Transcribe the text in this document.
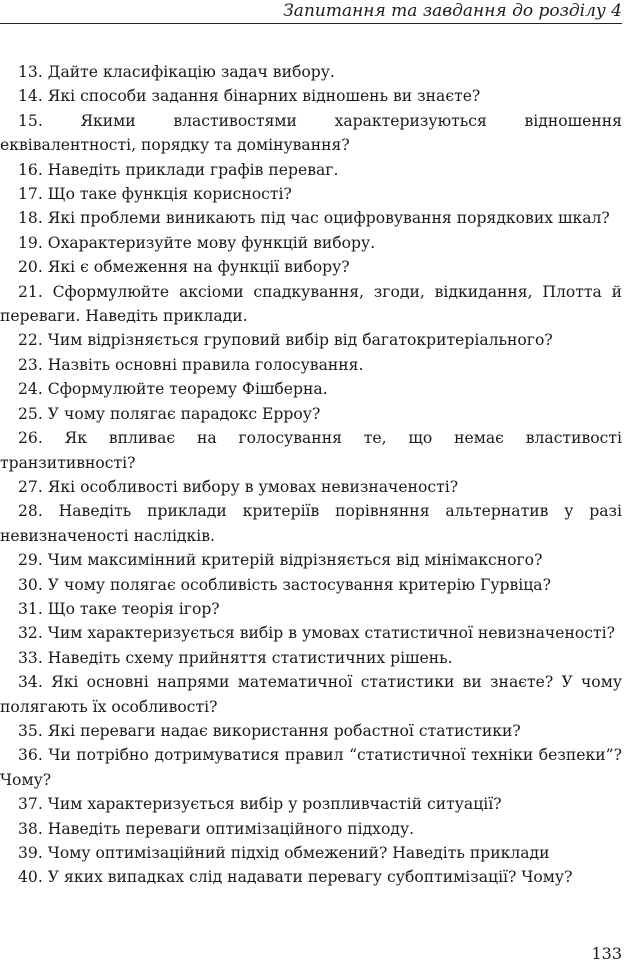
Запитання та завдання до розділу 4

13. Дайте класифікацію задач вибору.

14. Які способи задання бінарних відношень ви знаєте?

15. Якими властивостями характеризуються відношення еквівалентності, порядку та домінування?

16. Наведіть приклади графів переваг.

17. Що таке функція корисності?

18. Які проблеми виникають під час оцифровування порядкових шкал?

19. Охарактеризуйте мову функцій вибору.

20. Які є обмеження на функції вибору?

21. Сформулюйте аксіоми спадкування, згоди, відкидання, Плотта й переваги. Наведіть приклади.

22. Чим відрізняється груповий вибір від багатокритеріального?

23. Назвіть основні правила голосування.

24. Сформулюйте теорему Фішберна.

25. У чому полягає парадокс Ерроу?

26. Як впливає на голосування те, що немає властивості транзитивності?

27. Які особливості вибору в умовах невизначеності?

28. Наведіть приклади критеріїв порівняння альтернатив у разі невизначеності наслідків.

29. Чим максимінний критерій відрізняється від мінімаксного?

30. У чому полягає особливість застосування критерію Гурвіца?

31. Що таке теорія ігор?

32. Чим характеризується вибір в умовах статистичної невизначеності?

33. Наведіть схему прийняття статистичних рішень.

34. Які основні напрями математичної статистики ви знаєте? У чому полягають їх особливості?

35. Які переваги надає використання робастної статистики?

36. Чи потрібно дотримуватися правил “статистичної техніки безпеки”? Чому?

37. Чим характеризується вибір у розпливчастій ситуації?

38. Наведіть переваги оптимізаційного підходу.

39. Чому оптимізаційний підхід обмежений? Наведіть приклади

40. У яких випадках слід надавати перевагу субоптимізації? Чому?

133
